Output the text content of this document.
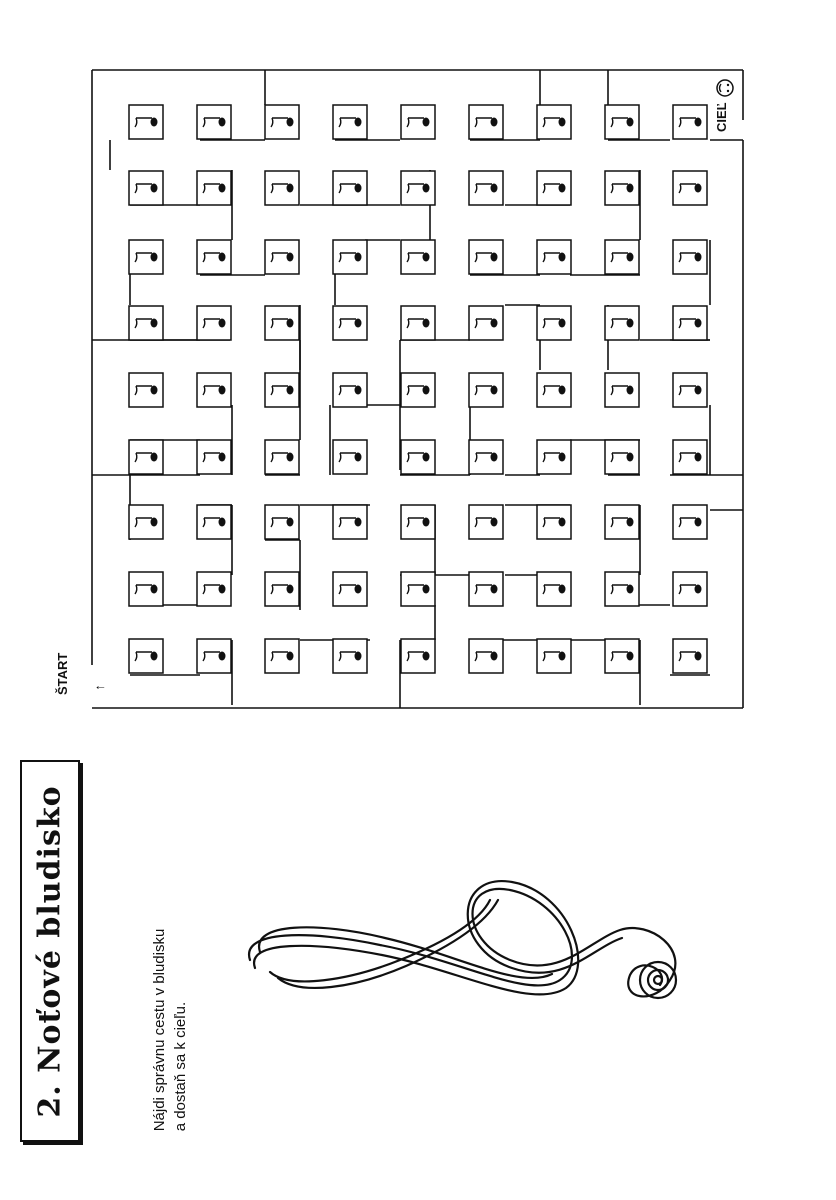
2. Noťové bludisko	Nájdi správnu cestu v bludisku a dostaň sa k cieľu.
ŠTART ↓
CIEĽ
